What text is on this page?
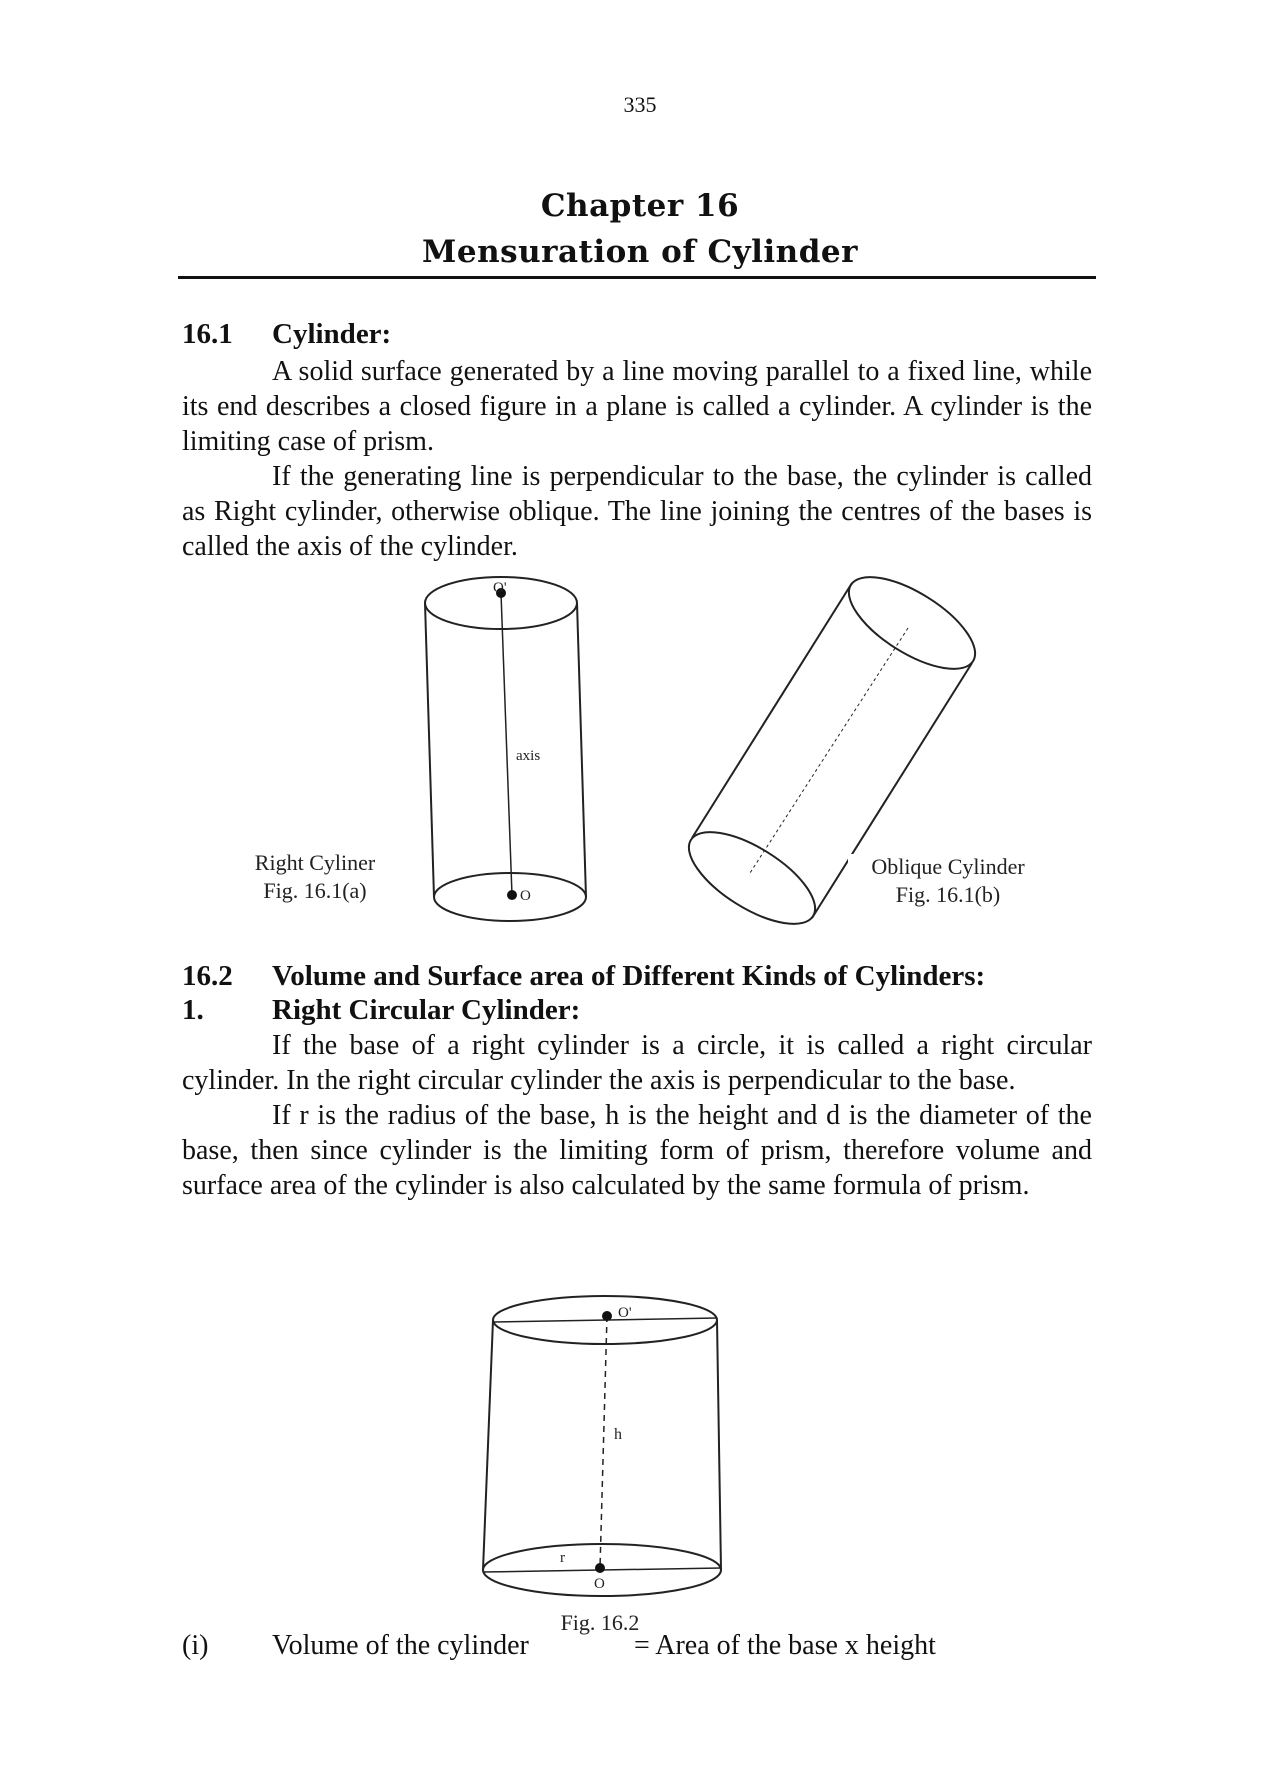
335
Chapter 16
Mensuration of Cylinder
16.1 Cylinder:

A solid surface generated by a line moving parallel to a fixed line, while its end describes a closed figure in a plane is called a cylinder. A cylinder is the limiting case of prism.

If the generating line is perpendicular to the base, the cylinder is called as Right cylinder, otherwise oblique. The line joining the centres of the bases is called the axis of the cylinder.

O'
O
axis
Right Cyliner
Fig. 16.1(a)
Oblique Cylinder
Fig. 16.1(b)
16.2 Volume and Surface area of Different Kinds of Cylinders:
1. Right Circular Cylinder:

If the base of a right cylinder is a circle, it is called a right circular cylinder. In the right circular cylinder the axis is perpendicular to the base.

If r is the radius of the base, h is the height and d is the diameter of the base, then since cylinder is the limiting form of prism, therefore volume and surface area of the cylinder is also calculated by the same formula of prism.

O'
O
h
r
Fig. 16.2
(i) Volume of the cylinder	= Area of the base x height
